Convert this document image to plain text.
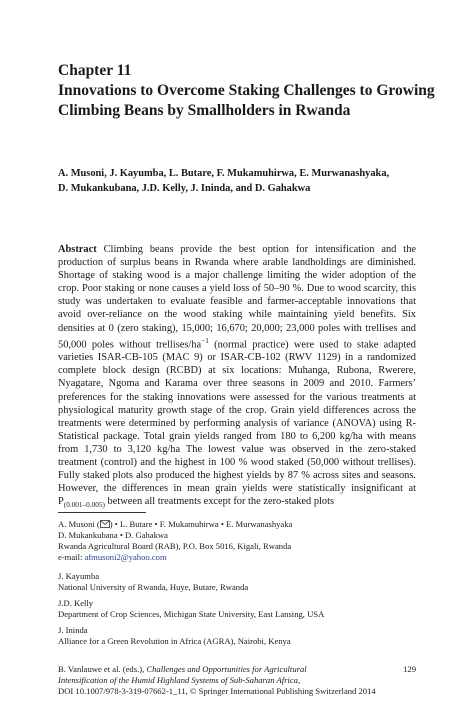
Chapter 11
Innovations to Overcome Staking Challenges to Growing Climbing Beans by Smallholders in Rwanda
A. Musoni, J. Kayumba, L. Butare, F. Mukamuhirwa, E. Murwanashyaka,
D. Mukankubana, J.D. Kelly, J. Ininda, and D. Gahakwa
Abstract Climbing beans provide the best option for intensification and the production of surplus beans in Rwanda where arable landholdings are diminished. Shortage of staking wood is a major challenge limiting the wider adoption of the crop. Poor staking or none causes a yield loss of 50–90 %. Due to wood scarcity, this study was undertaken to evaluate feasible and farmer-acceptable innovations that avoid over-reliance on the wood staking while maintaining yield benefits. Six densities at 0 (zero staking), 15,000; 16,670; 20,000; 23,000 poles with trellises and 50,000 poles without trellises/$ha^{-1}$ (normal practice) were used to stake adapted varieties ISAR-CB-105 (MAC 9) or ISAR-CB-102 (RWV 1129) in a randomized complete block design (RCBD) at six locations: Muhanga, Rubona, Rwerere, Nyagatare, Ngoma and Karama over three seasons in 2009 and 2010. Farmers’ preferences for the staking innovations were assessed for the various treatments at physiological maturity growth stage of the crop. Grain yield differences across the treatments were determined by performing analysis of variance (ANOVA) using R- Statistical package. Total grain yields ranged from 180 to 6,200 kg/ha with means from 1,730 to 3,120 kg/ha The lowest value was observed in the zero-staked treatment (control) and the highest in 100 % wood staked (50,000 without trellises). Fully staked plots also produced the highest yields by 87 % across sites and seasons. However, the differences in mean grain yields were statistically insignificant at $P_{(0.001-0.005)}$ between all treatments except for the zero-staked plots
A. Musoni ( ) • L. Butare • F. Mukamuhirwa • E. Murwanashyaka
D. Mukankubana • D. Gahakwa
Rwanda Agricultural Board (RAB), P.O. Box 5016, Kigali, Rwanda
e-mail: afmusoni2@yahoo.com
J. Kayumba
National University of Rwanda, Huye, Butare, Rwanda
J.D. Kelly
Department of Crop Sciences, Michigan State University, East Lansing, USA
J. Ininda
Alliance for a Green Revolution in Africa (AGRA), Nairobi, Kenya
B. Vanlauwe et al. (eds.), Challenges and Opportunities for Agricultural
Intensification of the Humid Highland Systems of Sub-Saharan Africa,
DOI 10.1007/978-3-319-07662-1_11, © Springer International Publishing Switzerland 2014
129
